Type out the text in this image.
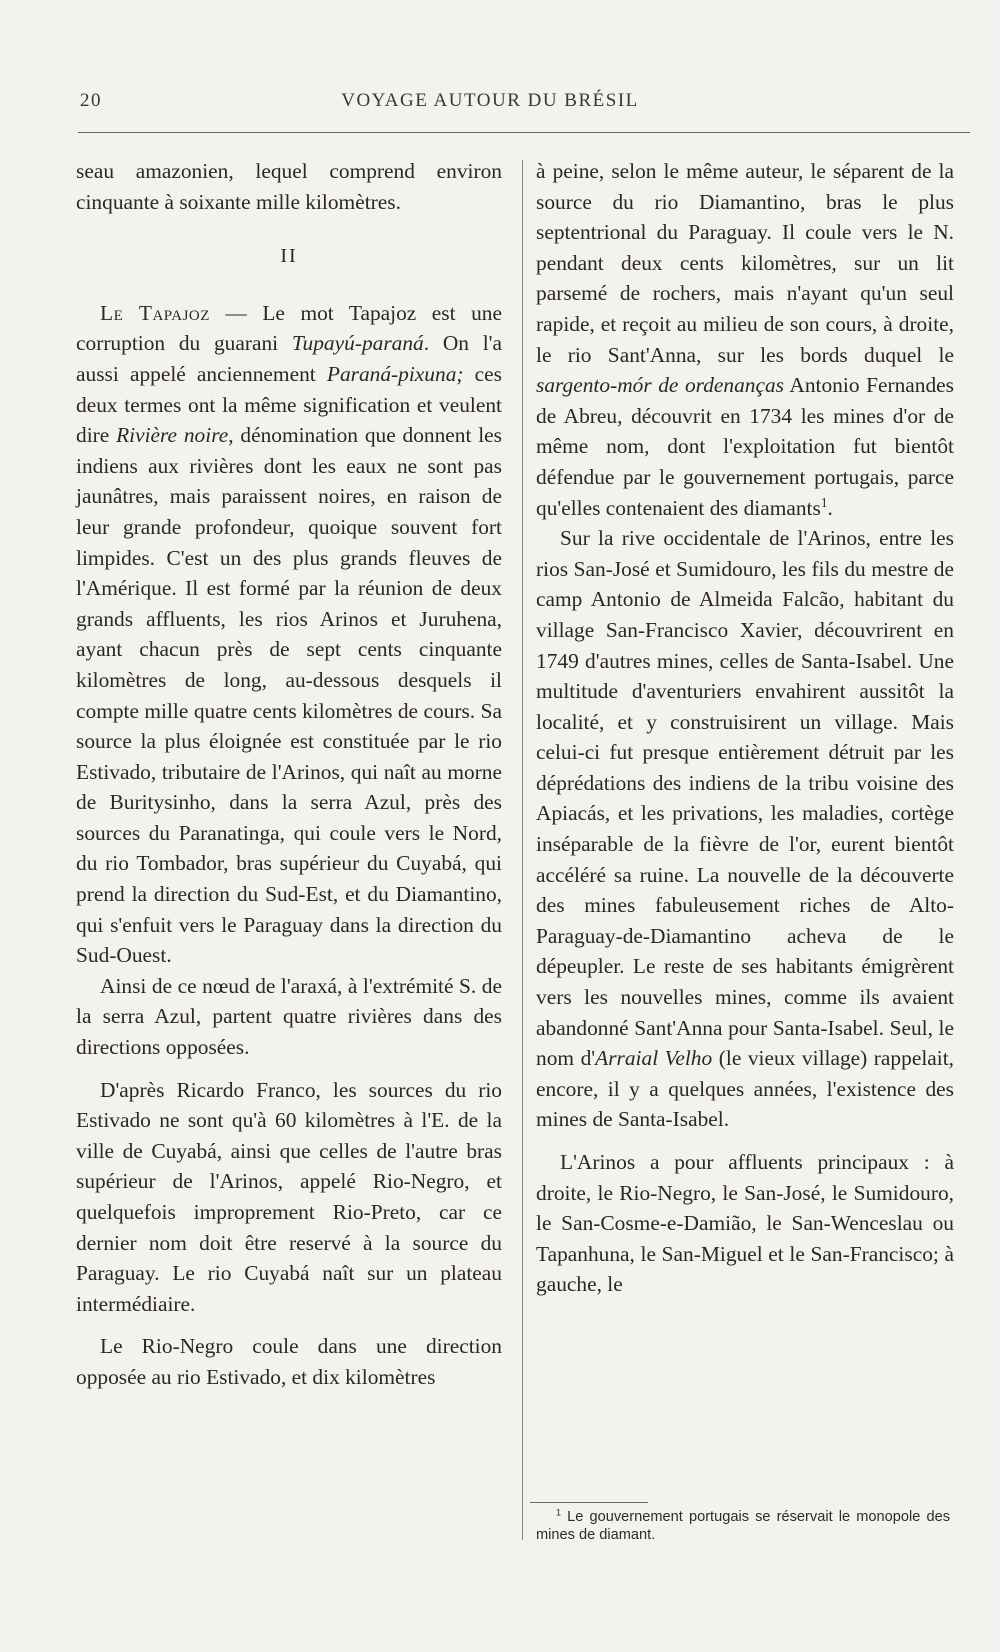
20	VOYAGE AUTOUR DU BRÉSIL

seau amazonien, lequel comprend environ cinquante à soixante mille kilomètres.

II

Le Tapajoz — Le mot Tapajoz est une corruption du guarani Tupayú-paraná. On l'a aussi appelé anciennement Paraná-pixuna; ces deux termes ont la même signification et veulent dire Rivière noire, dénomination que donnent les indiens aux rivières dont les eaux ne sont pas jaunâtres, mais paraissent noires, en raison de leur grande profondeur, quoique souvent fort limpides. C'est un des plus grands fleuves de l'Amérique. Il est formé par la réunion de deux grands affluents, les rios Arinos et Juruhena, ayant chacun près de sept cents cinquante kilomètres de long, au-dessous desquels il compte mille quatre cents kilomètres de cours. Sa source la plus éloignée est constituée par le rio Estivado, tributaire de l'Arinos, qui naît au morne de Buritysinho, dans la serra Azul, près des sources du Paranatinga, qui coule vers le Nord, du rio Tombador, bras supérieur du Cuyabá, qui prend la direction du Sud-Est, et du Diamantino, qui s'enfuit vers le Paraguay dans la direction du Sud-Ouest.

Ainsi de ce nœud de l'araxá, à l'extrémité S. de la serra Azul, partent quatre rivières dans des directions opposées.

D'après Ricardo Franco, les sources du rio Estivado ne sont qu'à 60 kilomètres à l'E. de la ville de Cuyabá, ainsi que celles de l'autre bras supérieur de l'Arinos, appelé Rio-Negro, et quelquefois improprement Rio-Preto, car ce dernier nom doit être reservé à la source du Paraguay. Le rio Cuyabá naît sur un plateau intermédiaire.

Le Rio-Negro coule dans une direction opposée au rio Estivado, et dix kilomètres

à peine, selon le même auteur, le séparent de la source du rio Diamantino, bras le plus septentrional du Paraguay. Il coule vers le N. pendant deux cents kilomètres, sur un lit parsemé de rochers, mais n'ayant qu'un seul rapide, et reçoit au milieu de son cours, à droite, le rio Sant'Anna, sur les bords duquel le sargento-mór de ordenanças Antonio Fernandes de Abreu, découvrit en 1734 les mines d'or de même nom, dont l'exploitation fut bientôt défendue par le gouvernement portugais, parce qu'elles contenaient des diamants$^1$.

Sur la rive occidentale de l'Arinos, entre les rios San-José et Sumidouro, les fils du mestre de camp Antonio de Almeida Falcão, habitant du village San-Francisco Xavier, découvrirent en 1749 d'autres mines, celles de Santa-Isabel. Une multitude d'aventuriers envahirent aussitôt la localité, et y construisirent un village. Mais celui-ci fut presque entièrement détruit par les déprédations des indiens de la tribu voisine des Apiacás, et les privations, les maladies, cortège inséparable de la fièvre de l'or, eurent bientôt accéléré sa ruine. La nouvelle de la découverte des mines fabuleusement riches de Alto-Paraguay-de-Diamantino acheva de le dépeupler. Le reste de ses habitants émigrèrent vers les nouvelles mines, comme ils avaient abandonné Sant'Anna pour Santa-Isabel. Seul, le nom d'Arraial Velho (le vieux village) rappelait, encore, il y a quelques années, l'existence des mines de Santa-Isabel.

L'Arinos a pour affluents principaux : à droite, le Rio-Negro, le San-José, le Sumidouro, le San-Cosme-e-Damião, le San-Wenceslau ou Tapanhuna, le San-Miguel et le San-Francisco; à gauche, le

$^1$ Le gouvernement portugais se réservait le monopole des mines de diamant.
